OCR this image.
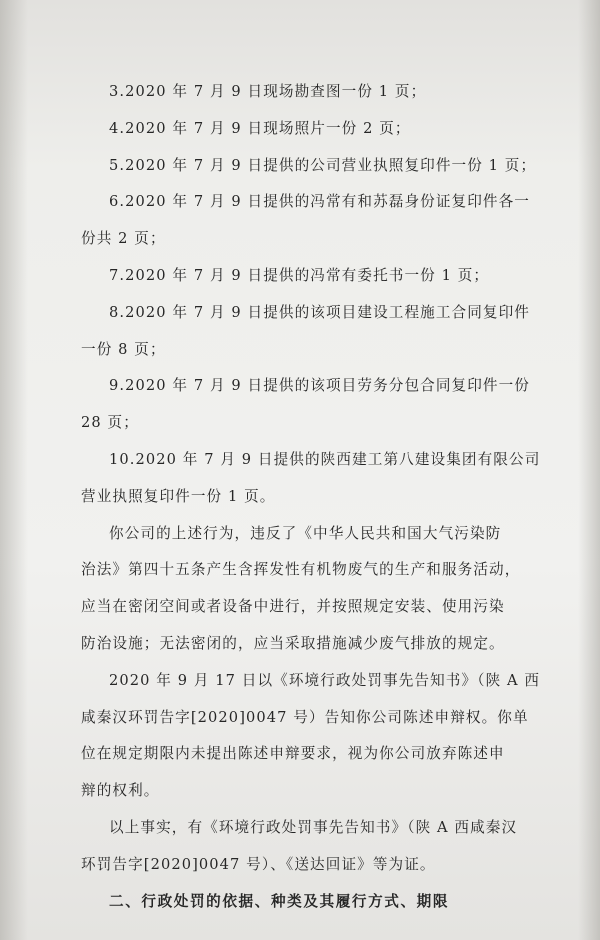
3.2020 年 7 月 9 日现场勘查图一份 1 页；
4.2020 年 7 月 9 日现场照片一份 2 页；
5.2020 年 7 月 9 日提供的公司营业执照复印件一份 1 页；
6.2020 年 7 月 9 日提供的冯常有和苏磊身份证复印件各一
份共 2 页；
7.2020 年 7 月 9 日提供的冯常有委托书一份 1 页；
8.2020 年 7 月 9 日提供的该项目建设工程施工合同复印件
一份 8 页；
9.2020 年 7 月 9 日提供的该项目劳务分包合同复印件一份
28 页；
10.2020 年 7 月 9 日提供的陕西建工第八建设集团有限公司
营业执照复印件一份 1 页。
你公司的上述行为，违反了《中华人民共和国大气污染防
治法》第四十五条产生含挥发性有机物废气的生产和服务活动，
应当在密闭空间或者设备中进行，并按照规定安装、使用污染
防治设施；无法密闭的，应当采取措施减少废气排放的规定。
2020 年 9 月 17 日以《环境行政处罚事先告知书》（陕 A 西
咸秦汉环罚告字[2020]0047 号）告知你公司陈述申辩权。你单
位在规定期限内未提出陈述申辩要求，视为你公司放弃陈述申
辩的权利。
以上事实，有《环境行政处罚事先告知书》（陕 A 西咸秦汉
环罚告字[2020]0047 号）、《送达回证》等为证。
二、行政处罚的依据、种类及其履行方式、期限
